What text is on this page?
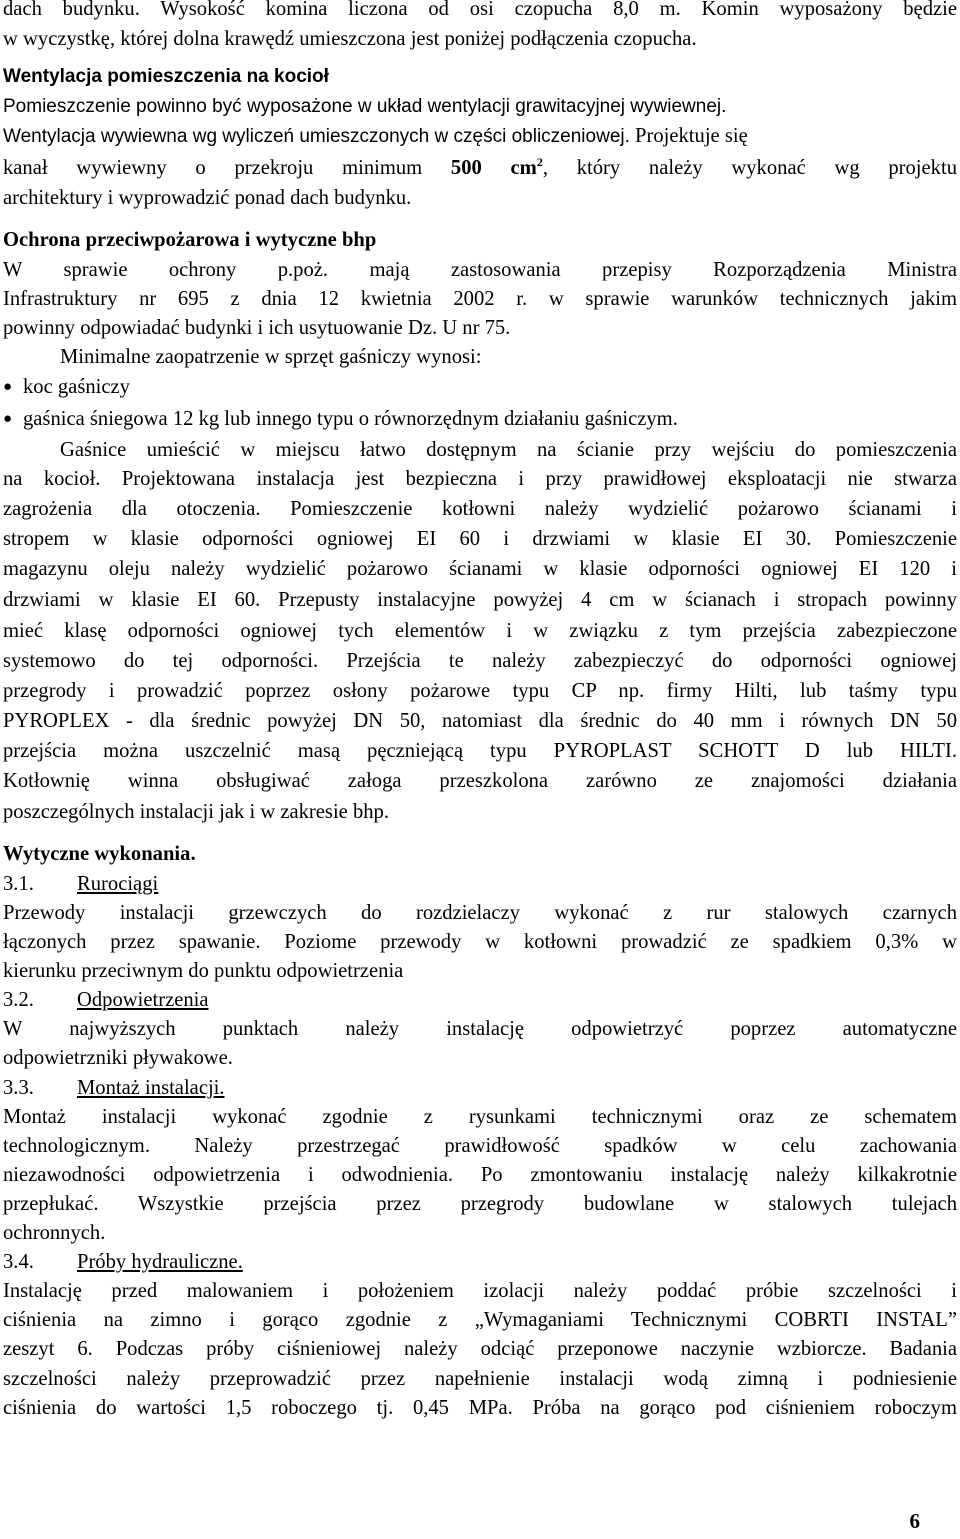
dach budynku. Wysokość komina liczona od osi czopucha 8,0 m. Komin wyposażony będzie
w wyczystkę, której dolna krawędź umieszczona jest poniżej podłączenia czopucha.
Wentylacja pomieszczenia na kocioł
Pomieszczenie powinno być wyposażone w układ wentylacji grawitacyjnej wywiewnej.
Wentylacja wywiewna wg wyliczeń umieszczonych w części obliczeniowej. Projektuje się
kanał wywiewny o przekroju minimum 500 $cm^2$, który należy wykonać wg projektu
architektury i wyprowadzić ponad dach budynku.
Ochrona przeciwpożarowa i wytyczne bhp
W sprawie ochrony p.poż. mają zastosowania przepisy Rozporządzenia Ministra
Infrastruktury nr 695 z dnia 12 kwietnia 2002 r. w sprawie warunków technicznych jakim
powinny odpowiadać budynki i ich usytuowanie Dz. U nr 75.
Minimalne zaopatrzenie w sprzęt gaśniczy wynosi:
● koc gaśniczy
● gaśnica śniegowa 12 kg lub innego typu o równorzędnym działaniu gaśniczym.
Gaśnice umieścić w miejscu łatwo dostępnym na ścianie przy wejściu do pomieszczenia
na kocioł. Projektowana instalacja jest bezpieczna i przy prawidłowej eksploatacji nie stwarza
zagrożenia dla otoczenia. Pomieszczenie kotłowni należy wydzielić pożarowo ścianami i
stropem w klasie odporności ogniowej EI 60 i drzwiami w klasie EI 30. Pomieszczenie
magazynu oleju należy wydzielić pożarowo ścianami w klasie odporności ogniowej EI 120 i
drzwiami w klasie EI 60. Przepusty instalacyjne powyżej 4 cm w ścianach i stropach powinny
mieć klasę odporności ogniowej tych elementów i w związku z tym przejścia zabezpieczone
systemowo do tej odporności. Przejścia te należy zabezpieczyć do odporności ogniowej
przegrody i prowadzić poprzez osłony pożarowe typu CP np. firmy Hilti, lub taśmy typu
PYROPLEX - dla średnic powyżej DN 50, natomiast dla średnic do 40 mm i równych DN 50
przejścia można uszczelnić masą pęczniejącą typu PYROPLAST SCHOTT D lub HILTI.
Kotłownię winna obsługiwać załoga przeszkolona zarówno ze znajomości działania
poszczególnych instalacji jak i w zakresie bhp.
Wytyczne wykonania.
3.1. Rurociągi
Przewody instalacji grzewczych do rozdzielaczy wykonać z rur stalowych czarnych
łączonych przez spawanie. Poziome przewody w kotłowni prowadzić ze spadkiem 0,3% w
kierunku przeciwnym do punktu odpowietrzenia
3.2. Odpowietrzenia
W najwyższych punktach należy instalację odpowietrzyć poprzez automatyczne
odpowietrzniki pływakowe.
3.3. Montaż instalacji.
Montaż instalacji wykonać zgodnie z rysunkami technicznymi oraz ze schematem
technologicznym. Należy przestrzegać prawidłowość spadków w celu zachowania
niezawodności odpowietrzenia i odwodnienia. Po zmontowaniu instalację należy kilkakrotnie
przepłukać. Wszystkie przejścia przez przegrody budowlane w stalowych tulejach
ochronnych.
3.4. Próby hydrauliczne.
Instalację przed malowaniem i położeniem izolacji należy poddać próbie szczelności i
ciśnienia na zimno i gorąco zgodnie z „Wymaganiami Technicznymi COBRTI INSTAL”
zeszyt 6. Podczas próby ciśnieniowej należy odciąć przeponowe naczynie wzbiorcze. Badania
szczelności należy przeprowadzić przez napełnienie instalacji wodą zimną i podniesienie
ciśnienia do wartości 1,5 roboczego tj. 0,45 MPa. Próba na gorąco pod ciśnieniem roboczym
6
